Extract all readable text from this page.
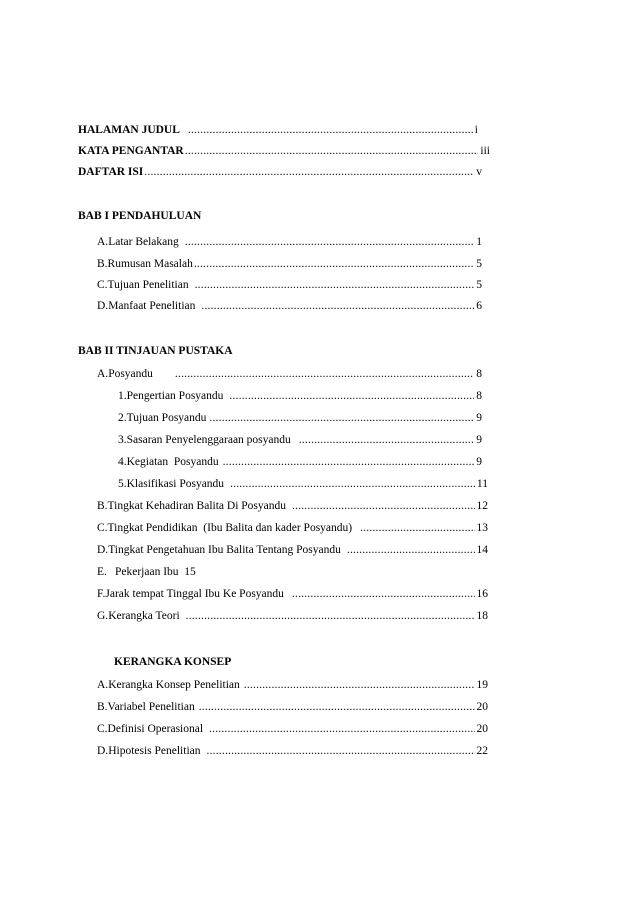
HALAMAN JUDUL .....	i
KATA PENGANTAR .....	iii
DAFTAR ISI .....	v
BAB I PENDAHULUAN
A. Latar Belakang .....	1
B. Rumusan Masalah .....	5
C. Tujuan Penelitian .....	5
D. Manfaat Penelitian .....	6
BAB II TINJAUAN PUSTAKA
A. Posyandu .....	8
1. Pengertian Posyandu .....	8
2. Tujuan Posyandu .....	9
3. Sasaran Penyelenggaraan posyandu .....	9
4. Kegiatan  Posyandu .....	9
5. Klasifikasi Posyandu .....	11
B. Tingkat Kehadiran Balita Di Posyandu .....	12
C. Tingkat Pendidikan  (Ibu Balita dan kader Posyandu) .....	13
D. Tingkat Pengetahuan Ibu Balita Tentang Posyandu .....	14
E. Pekerjaan Ibu  15
F. Jarak tempat Tinggal Ibu Ke Posyandu .....	16
G. Kerangka Teori .....	18
KERANGKA KONSEP
A. Kerangka Konsep Penelitian .....	19
B. Variabel Penelitian .....	20
C. Definisi Operasional .....	20
D. Hipotesis Penelitian .....	22
